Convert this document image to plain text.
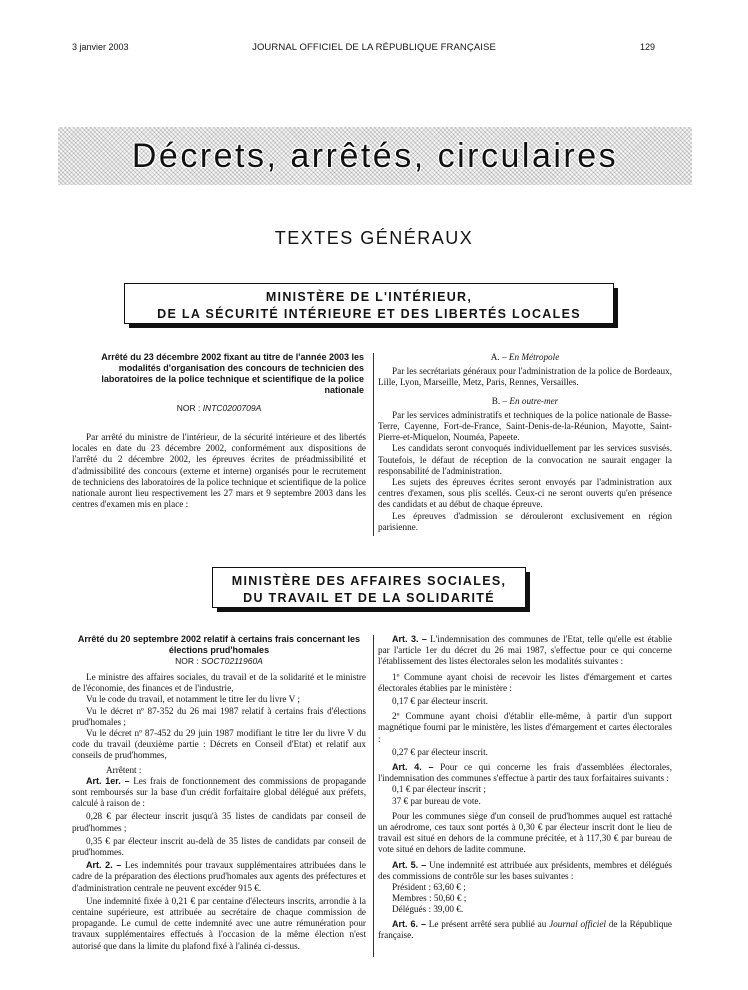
3 janvier 2003	JOURNAL OFFICIEL DE LA RÉPUBLIQUE FRANÇAISE	129
Décrets, arrêtés, circulaires
TEXTES GÉNÉRAUX
MINISTÈRE DE L'INTÉRIEUR,
DE LA SÉCURITÉ INTÉRIEURE ET DES LIBERTÉS LOCALES
Arrêté du 23 décembre 2002 fixant au titre de l'année 2003 les modalités d'organisation des concours de technicien des laboratoires de la police technique et scientifique de la police nationale
NOR : INTC0200709A
Par arrêté du ministre de l'intérieur, de la sécurité intérieure et des libertés locales en date du 23 décembre 2002, conformément aux dispositions de l'arrêté du 2 décembre 2002, les épreuves écrites de préadmissibilité et d'admissibilité des concours (externe et interne) organisés pour le recrutement de techniciens des laboratoires de la police technique et scientifique de la police nationale auront lieu respectivement les 27 mars et 9 septembre 2003 dans les centres d'examen mis en place :
A. – En Métropole
Par les secrétariats généraux pour l'administration de la police de Bordeaux, Lille, Lyon, Marseille, Metz, Paris, Rennes, Versailles.
B. – En outre-mer
Par les services administratifs et techniques de la police nationale de Basse-Terre, Cayenne, Fort-de-France, Saint-Denis-de-la-Réunion, Mayotte, Saint-Pierre-et-Miquelon, Nouméa, Papeete.
Les candidats seront convoqués individuellement par les services susvisés. Toutefois, le défaut de réception de la convocation ne saurait engager la responsabilité de l'administration.
Les sujets des épreuves écrites seront envoyés par l'administration aux centres d'examen, sous plis scellés. Ceux-ci ne seront ouverts qu'en présence des candidats et au début de chaque épreuve.
Les épreuves d'admission se dérouleront exclusivement en région parisienne.
MINISTÈRE DES AFFAIRES SOCIALES,
DU TRAVAIL ET DE LA SOLIDARITÉ
Arrêté du 20 septembre 2002 relatif à certains frais concernant les élections prud'homales
NOR : SOCT0211960A
Le ministre des affaires sociales, du travail et de la solidarité et le ministre de l'économie, des finances et de l'industrie,
Vu le code du travail, et notamment le titre Ier du livre V ;
Vu le décret nº 87-352 du 26 mai 1987 relatif à certains frais d'élections prud'homales ;
Vu le décret nº 87-452 du 29 juin 1987 modifiant le titre Ier du livre V du code du travail (deuxième partie : Décrets en Conseil d'Etat) et relatif aux conseils de prud'hommes,
Arrêtent :
Art. 1er. – Les frais de fonctionnement des commissions de propagande sont remboursés sur la base d'un crédit forfaitaire global délégué aux préfets, calculé à raison de :
0,28 € par électeur inscrit jusqu'à 35 listes de candidats par conseil de prud'hommes ;
0,35 € par électeur inscrit au-delà de 35 listes de candidats par conseil de prud'hommes.
Art. 2. – Les indemnités pour travaux supplémentaires attribuées dans le cadre de la préparation des élections prud'homales aux agents des préfectures et d'administration centrale ne peuvent excéder 915 €.
Une indemnité fixée à 0,21 € par centaine d'électeurs inscrits, arrondie à la centaine supérieure, est attribuée au secrétaire de chaque commission de propagande. Le cumul de cette indemnité avec une autre rémunération pour travaux supplémentaires effectués à l'occasion de la même élection n'est autorisé que dans la limite du plafond fixé à l'alinéa ci-dessus.
Art. 3. – L'indemnisation des communes de l'Etat, telle qu'elle est établie par l'article 1er du décret du 26 mai 1987, s'effectue pour ce qui concerne l'établissement des listes électorales selon les modalités suivantes :
1º Commune ayant choisi de recevoir les listes d'émargement et cartes électorales établies par le ministère :
0,17 € par électeur inscrit.
2º Commune ayant choisi d'établir elle-même, à partir d'un support magnétique fourni par le ministère, les listes d'émargement et cartes électorales :
0,27 € par électeur inscrit.
Art. 4. – Pour ce qui concerne les frais d'assemblées électorales, l'indemnisation des communes s'effectue à partir des taux forfaitaires suivants :
0,1 € par électeur inscrit ;
37 € par bureau de vote.
Pour les communes siège d'un conseil de prud'hommes auquel est rattaché un aérodrome, ces taux sont portés à 0,30 € par électeur inscrit dont le lieu de travail est situé en dehors de la commune précitée, et à 117,30 € par bureau de vote situé en dehors de ladite commune.
Art. 5. – Une indemnité est attribuée aux présidents, membres et délégués des commissions de contrôle sur les bases suivantes :
Président : 63,60 € ;
Membres : 50,60 € ;
Délégués : 39,00 €.
Art. 6. – Le présent arrêté sera publié au Journal officiel de la République française.
